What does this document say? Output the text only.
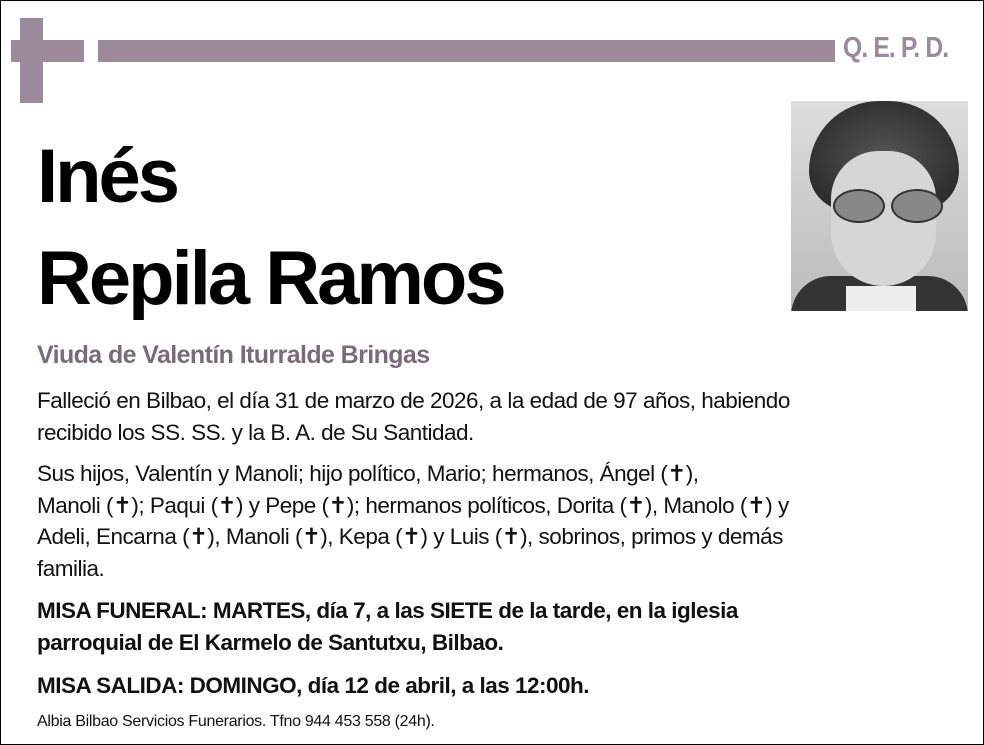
Q. E. P. D.
Inés
Repila Ramos
Viuda de Valentín Iturralde Bringas
Falleció en Bilbao, el día 31 de marzo de 2026, a la edad de 97 años, habiendo
recibido los SS. SS. y la B. A. de Su Santidad.
Sus hijos, Valentín y Manoli; hijo político, Mario; hermanos, Ángel (✝),
Manoli (✝); Paqui (✝) y Pepe (✝); hermanos políticos, Dorita (✝), Manolo (✝) y
Adeli, Encarna (✝), Manoli (✝), Kepa (✝) y Luis (✝), sobrinos, primos y demás
familia.
MISA FUNERAL: MARTES, día 7, a las SIETE de la tarde, en la iglesia
parroquial de El Karmelo de Santutxu, Bilbao.
MISA SALIDA: DOMINGO, día 12 de abril, a las 12:00h.
Albia Bilbao Servicios Funerarios. Tfno 944 453 558 (24h).
